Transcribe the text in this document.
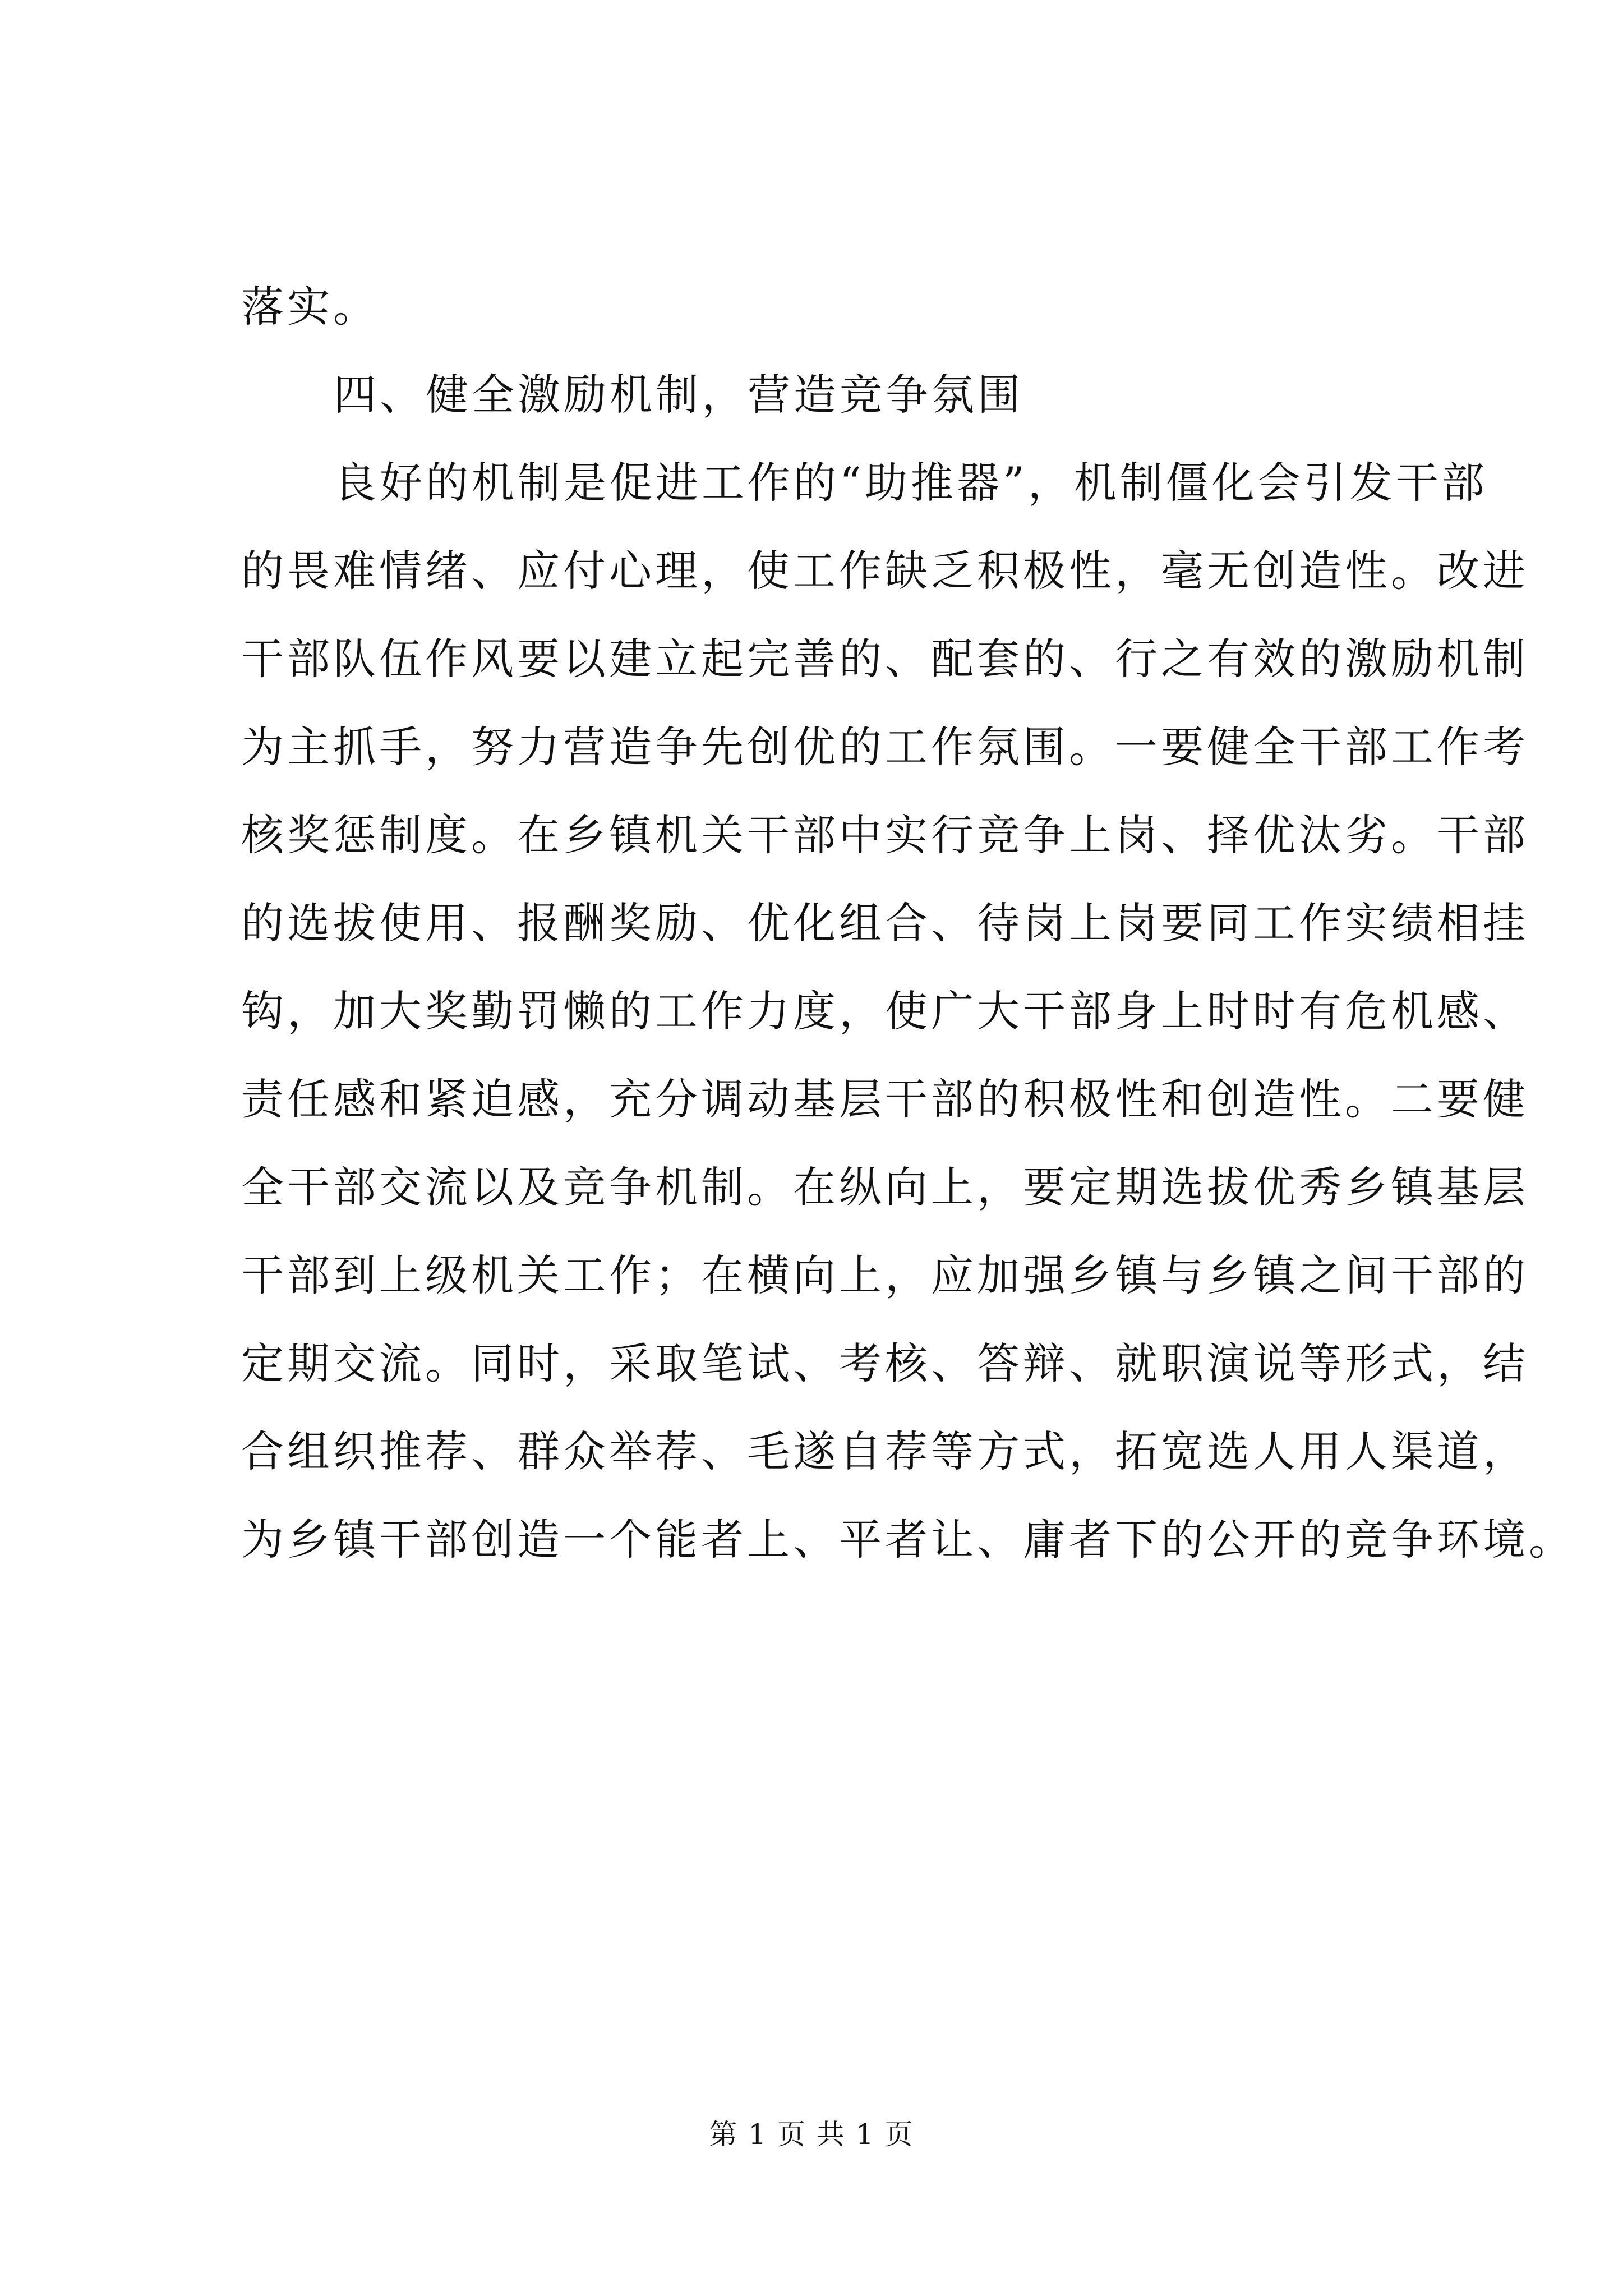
落实。
四、健全激励机制，营造竞争氛围
良好的机制是促进工作的“助推器”，机制僵化会引发干部
的畏难情绪、应付心理，使工作缺乏积极性，毫无创造性。改进
干部队伍作风要以建立起完善的、配套的、行之有效的激励机制
为主抓手，努力营造争先创优的工作氛围。一要健全干部工作考
核奖惩制度。在乡镇机关干部中实行竞争上岗、择优汰劣。干部
的选拔使用、报酬奖励、优化组合、待岗上岗要同工作实绩相挂
钩，加大奖勤罚懒的工作力度，使广大干部身上时时有危机感、
责任感和紧迫感，充分调动基层干部的积极性和创造性。二要健
全干部交流以及竞争机制。在纵向上，要定期选拔优秀乡镇基层
干部到上级机关工作；在横向上，应加强乡镇与乡镇之间干部的
定期交流。同时，采取笔试、考核、答辩、就职演说等形式，结
合组织推荐、群众举荐、毛遂自荐等方式，拓宽选人用人渠道，
为乡镇干部创造一个能者上、平者让、庸者下的公开的竞争环境。
第 1 页 共 1 页
